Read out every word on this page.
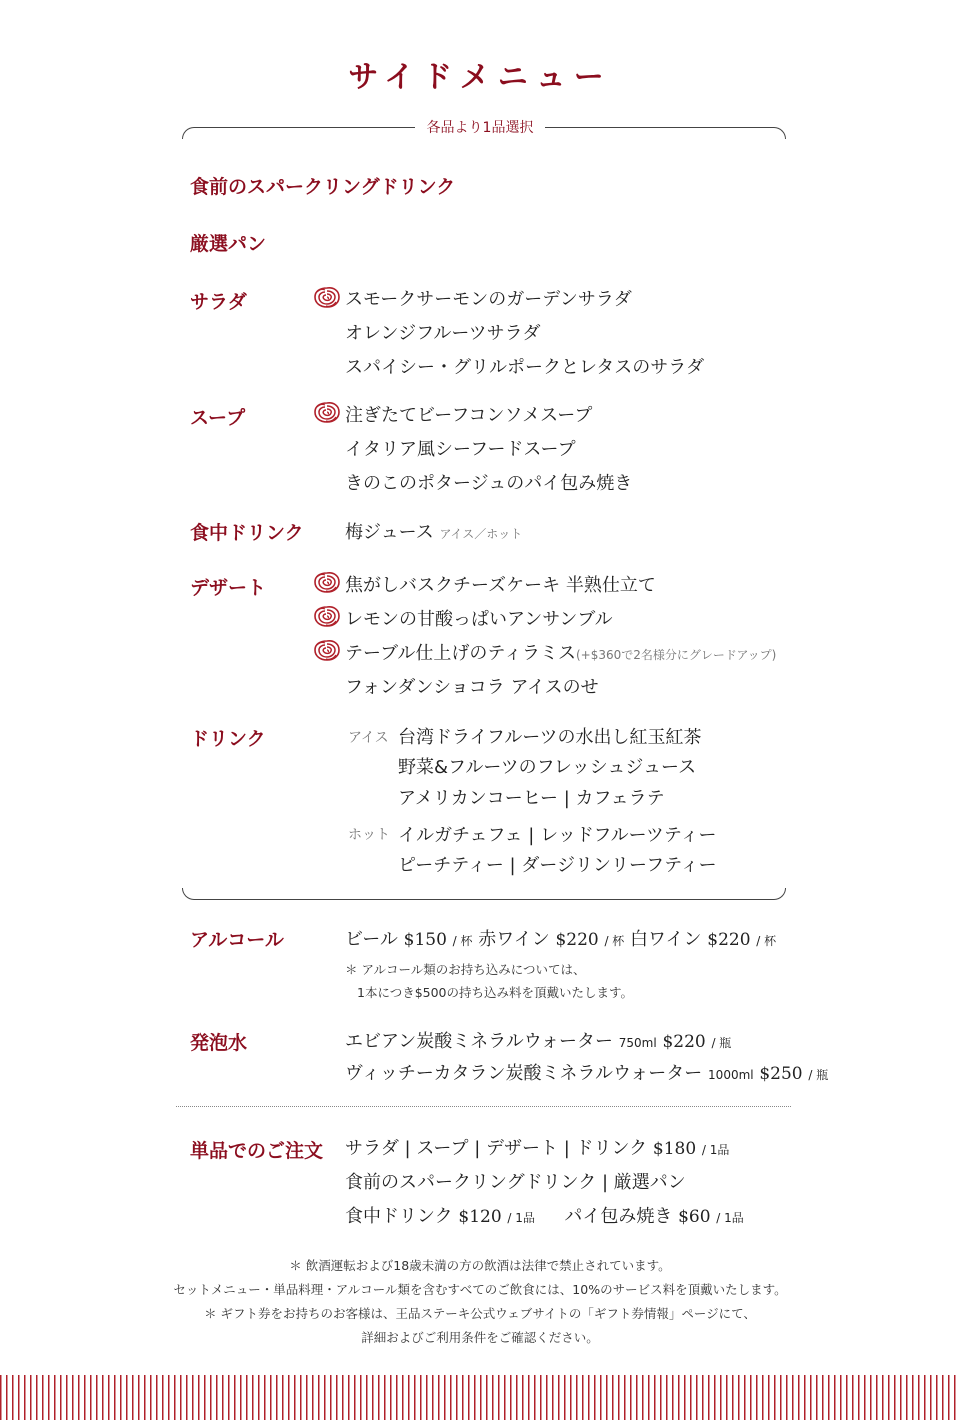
サイドメニュー
各品より1品選択
食前のスパークリングドリンク
厳選パン
サラダ
スープ
食中ドリンク
デザート
ドリンク
スモークサーモンのガーデンサラダ
オレンジフルーツサラダ
スパイシー・グリルポークとレタスのサラダ
注ぎたてビーフコンソメスープ
イタリア風シーフードスープ
きのこのポタージュのパイ包み焼き
梅ジュース アイス／ホット
焦がしバスクチーズケーキ 半熟仕立て
レモンの甘酸っぱいアンサンブル
テーブル仕上げのティラミス(+$360で2名様分にグレードアップ)
フォンダンショコラ アイスのせ
アイス 台湾ドライフルーツの水出し紅玉紅茶
野菜&フルーツのフレッシュジュース
アメリカンコーヒー | カフェラテ
ホット イルガチェフェ | レッドフルーツティー
ピーチティー | ダージリンリーフティー
アルコール	ビール $150 / 杯 赤ワイン $220 / 杯 白ワイン $220 / 杯
＊ アルコール類のお持ち込みについては、
1本につき$500の持ち込み料を頂戴いたします。
発泡水	エビアン炭酸ミネラルウォーター 750ml $220 / 瓶
ヴィッチーカタラン炭酸ミネラルウォーター 1000ml $250 / 瓶
単品でのご注文 サラダ | スープ | デザート | ドリンク $180 / 1品
食前のスパークリングドリンク | 厳選パン
食中ドリンク $120 / 1品 パイ包み焼き $60 / 1品
＊ 飲酒運転および18歳未満の方の飲酒は法律で禁止されています。
セットメニュー・単品料理・アルコール類を含むすべてのご飲食には、10%のサービス料を頂戴いたします。
＊ ギフト券をお持ちのお客様は、王品ステーキ公式ウェブサイトの「ギフト券情報」ページにて、
詳細およびご利用条件をご確認ください。
